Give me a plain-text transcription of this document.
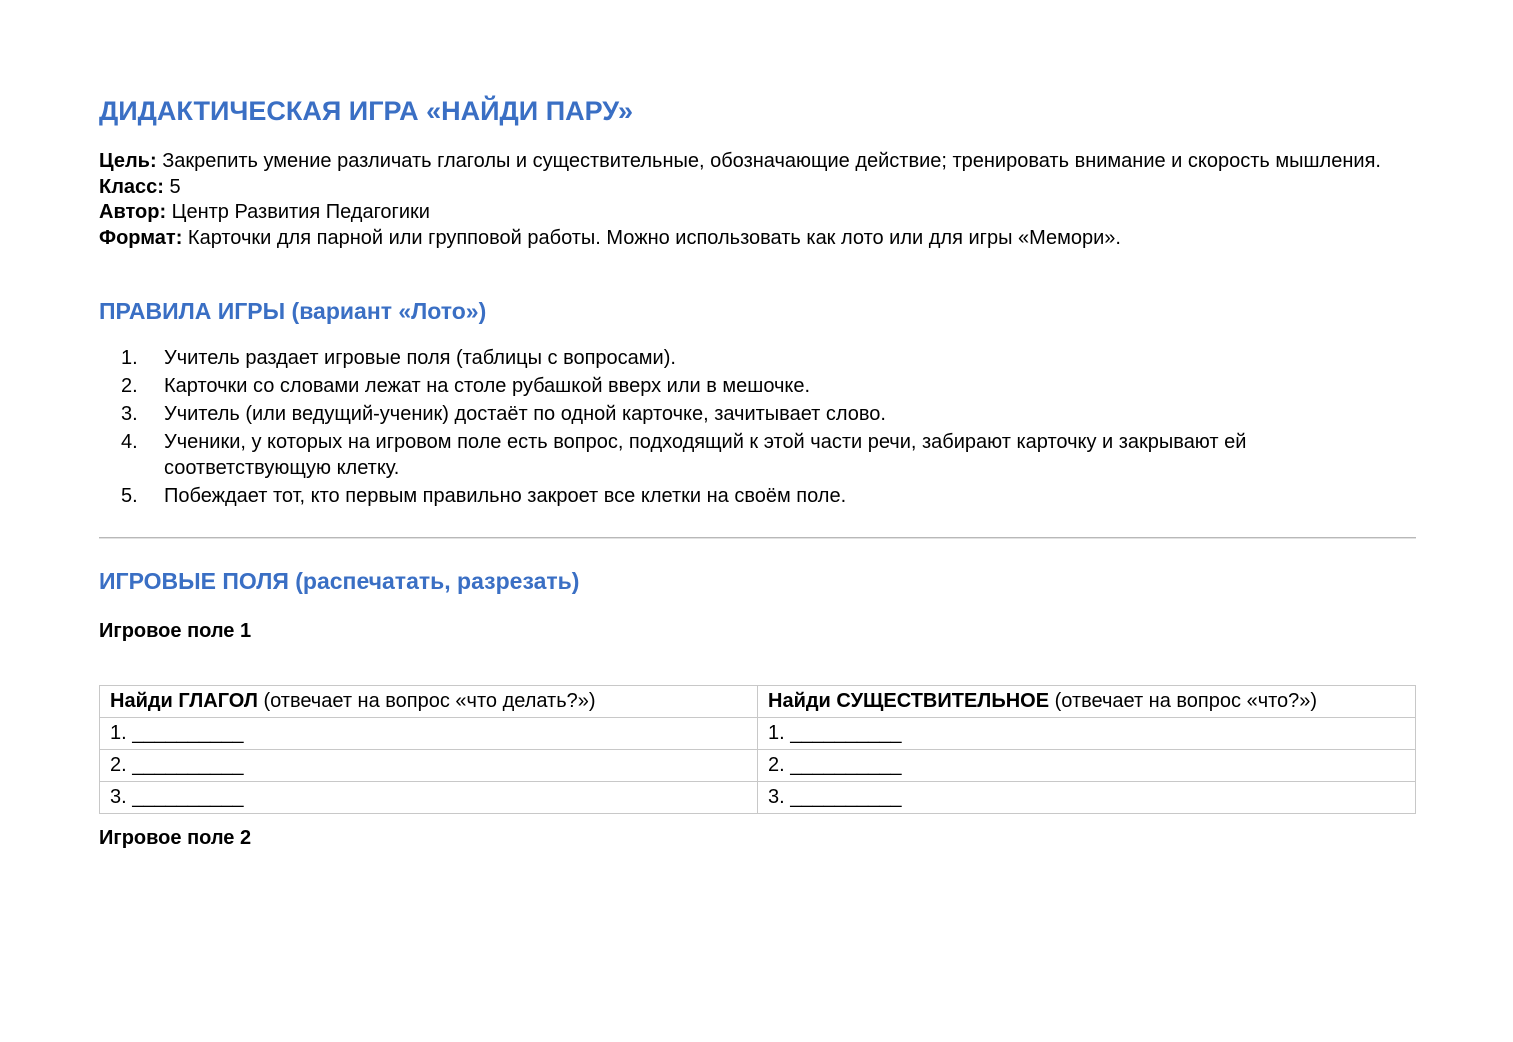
ДИДАКТИЧЕСКАЯ ИГРА «НАЙДИ ПАРУ»

Цель: Закрепить умение различать глаголы и существительные, обозначающие действие; тренировать внимание и скорость мышления.

Класс: 5

Автор: Центр Развития Педагогики

Формат: Карточки для парной или групповой работы. Можно использовать как лото или для игры «Мемори».

ПРАВИЛА ИГРЫ (вариант «Лото»)
1. Учитель раздает игровые поля (таблицы с вопросами).
2. Карточки со словами лежат на столе рубашкой вверх или в мешочке.
3. Учитель (или ведущий-ученик) достаёт по одной карточке, зачитывает слово.
4. Ученики, у которых на игровом поле есть вопрос, подходящий к этой части речи, забирают карточку и закрывают ей соответствующую клетку.
5. Побеждает тот, кто первым правильно закроет все клетки на своём поле.
ИГРОВЫЕ ПОЛЯ (распечатать, разрезать)
Игровое поле 1
Найди ГЛАГОЛ (отвечает на вопрос «что делать?»)	Найди СУЩЕСТВИТЕЛЬНОЕ (отвечает на вопрос «что?»)
1. __________	1. __________
2. __________	2. __________
3. __________	3. __________
Игровое поле 2
